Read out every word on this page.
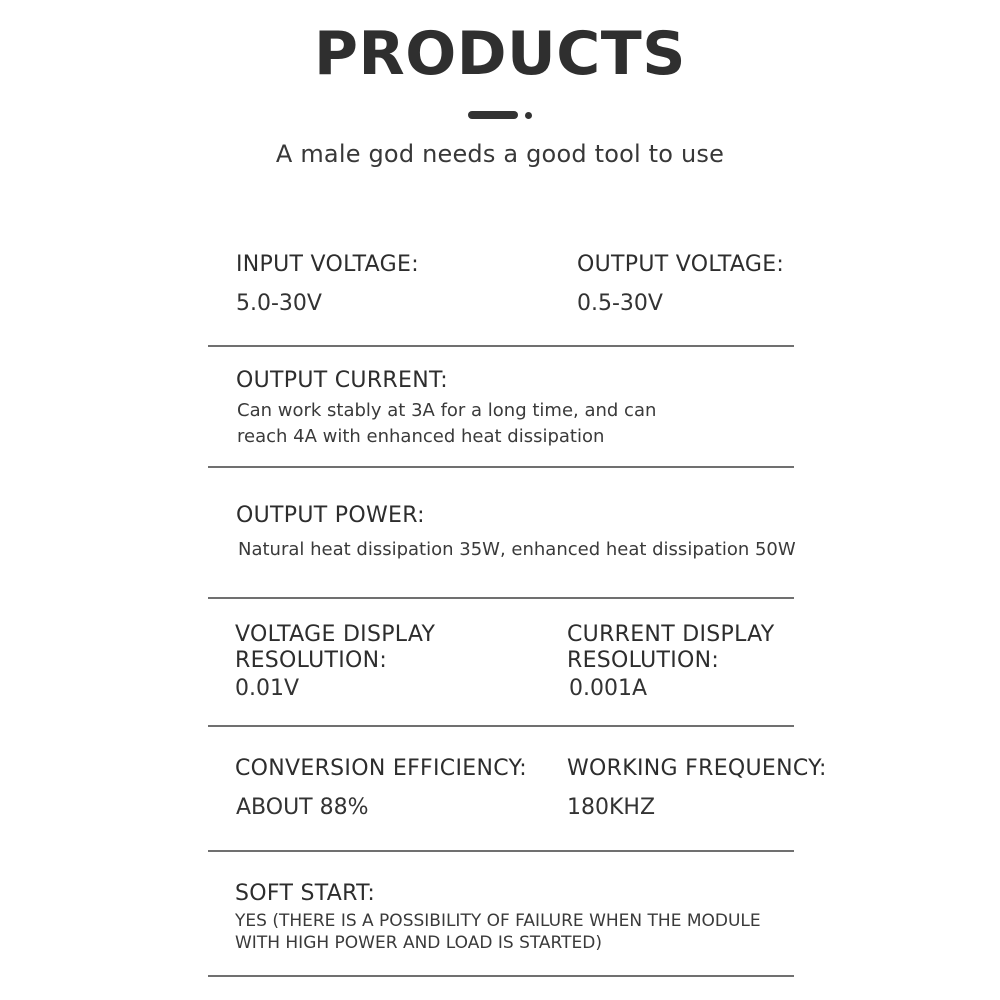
PRODUCTS
A male god needs a good tool to use
INPUT VOLTAGE:
5.0-30V
OUTPUT VOLTAGE:
0.5-30V
OUTPUT CURRENT:
Can work stably at 3A for a long time, and can
reach 4A with enhanced heat dissipation
OUTPUT POWER:
Natural heat dissipation 35W, enhanced heat dissipation 50W
VOLTAGE DISPLAY
RESOLUTION:
0.01V
CURRENT DISPLAY
RESOLUTION:
0.001A
CONVERSION EFFICIENCY:
ABOUT 88%
WORKING FREQUENCY:
180KHZ
SOFT START:
YES (THERE IS A POSSIBILITY OF FAILURE WHEN THE MODULE
WITH HIGH POWER AND LOAD IS STARTED)
